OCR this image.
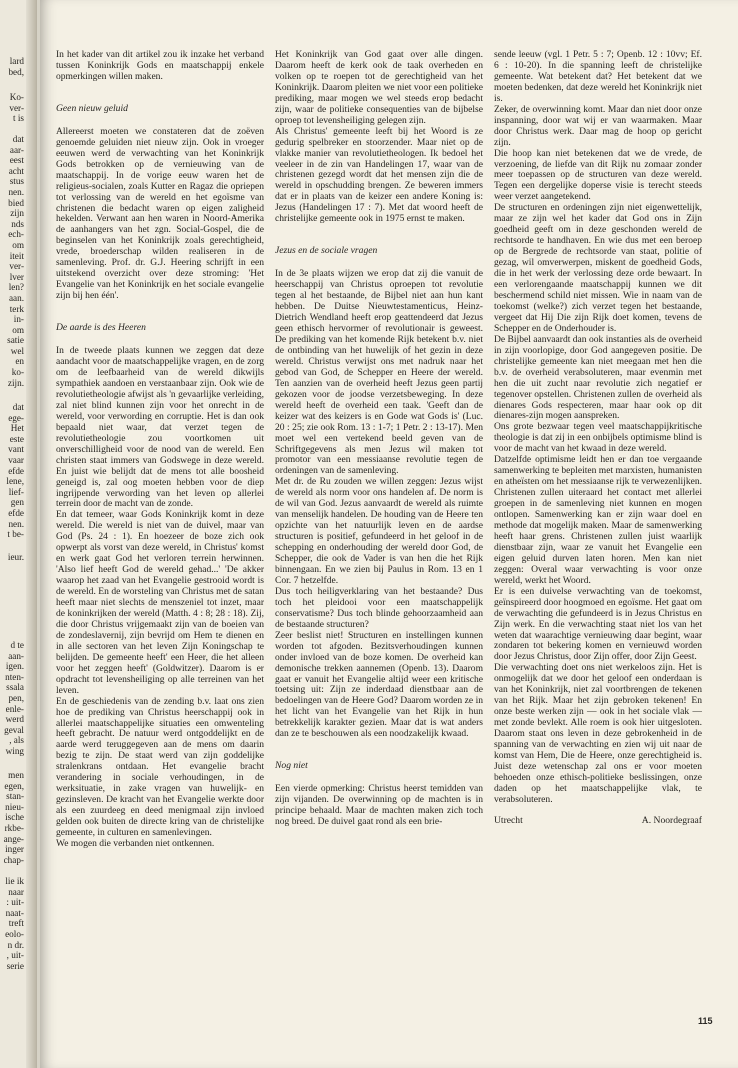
lard
bed,
Ko-
ver-
t is
dat
aar-
eest
acht
stus
nen.
bied
zijn
nds
ech-
om
iteit
ver-
lver
len?
aan.
terk
in-
om
satie
wel
en
ko-
zijn.
dat
ege-
Het
este
vant
vaar
efde
lene,
lief-
gen
efde
nen.
t be-
ieur.
d te
aan-
igen.
nten-
ssala
pen,
enle-
werd
geval
, als
wing
men
egen,
stan-
nieu-
ische
rkbe-
ange-
inger
chap-
lie ik
naar
: uit-
naat-
treft
eolo-
n dr.
, uit-
serie

In het kader van dit artikel zou ik inzake het verband tussen Koninkrijk Gods en maatschappij enkele opmerkingen willen maken.

Geen nieuw geluid

Allereerst moeten we constateren dat de zoëven genoemde geluiden niet nieuw zijn. Ook in vroeger eeuwen werd de verwachting van het Koninkrijk Gods betrokken op de vernieuwing van de maatschappij. In de vorige eeuw waren het de religieus-socialen, zoals Kutter en Ragaz die opriepen tot verlossing van de wereld en het egoïsme van christenen die bedacht waren op eigen zaligheid hekelden. Verwant aan hen waren in Noord-Amerika de aanhangers van het zgn. Social-Gospel, die de beginselen van het Koninkrijk zoals gerechtigheid, vrede, broederschap wilden realiseren in de samenleving. Prof. dr. G.J. Heering schrijft in een uitstekend overzicht over deze stroming: 'Het Evangelie van het Koninkrijk en het sociale evangelie zijn bij hen één'.

De aarde is des Heeren

In de tweede plaats kunnen we zeggen dat deze aandacht voor de maatschappelijke vragen, en de zorg om de leefbaarheid van de wereld dikwijls sympathiek aandoen en verstaanbaar zijn. Ook wie de revolutietheologie afwijst als 'n gevaarlijke verleiding, zal niet blind kunnen zijn voor het onrecht in de wereld, voor verwording en corruptie. Het is dan ook bepaald niet waar, dat verzet tegen de revolutietheologie zou voortkomen uit onverschilligheid voor de nood van de wereld. Een christen staat immers van Godswege in deze wereld. En juist wie belijdt dat de mens tot alle boosheid geneigd is, zal oog moeten hebben voor de diep ingrijpende verwording van het leven op allerlei terrein door de macht van de zonde.

En dat temeer, waar Gods Koninkrijk komt in deze wereld. Die wereld is niet van de duivel, maar van God (Ps. 24 : 1). En hoezeer de boze zich ook opwerpt als vorst van deze wereld, in Christus' komst en werk gaat God het verloren terrein herwinnen. 'Also lief heeft God de wereld gehad...' 'De akker waarop het zaad van het Evangelie gestrooid wordt is de wereld. En de worsteling van Christus met de satan heeft maar niet slechts de menszeniel tot inzet, maar de koninkrijken der wereld (Matth. 4 : 8; 28 : 18). Zij, die door Christus vrijgemaakt zijn van de boeien van de zondeslavernij, zijn bevrijd om Hem te dienen en in alle sectoren van het leven Zijn Koningschap te belijden. De gemeente heeft' een Heer, die het alleen voor het zeggen heeft' (Goldwitzer). Daarom is er opdracht tot levensheiliging op alle terreinen van het leven.

En de geschiedenis van de zending b.v. laat ons zien hoe de prediking van Christus heerschappij ook in allerlei maatschappelijke situaties een omwenteling heeft gebracht. De natuur werd ontgoddelijkt en de aarde werd teruggegeven aan de mens om daarin bezig te zijn. De staat werd van zijn goddelijke stralenkrans ontdaan. Het evangelie bracht verandering in sociale verhoudingen, in de werksituatie, in zake vragen van huwelijk- en gezinsleven. De kracht van het Evangelie werkte door als een zuurdeeg en deed menigmaal zijn invloed gelden ook buiten de directe kring van de christelijke gemeente, in culturen en samenlevingen.

We mogen die verbanden niet ontkennen.

Het Koninkrijk van God gaat over alle dingen. Daarom heeft de kerk ook de taak overheden en volken op te roepen tot de gerechtigheid van het Koninkrijk. Daarom pleiten we niet voor een politieke prediking, maar mogen we wel steeds erop bedacht zijn, waar de politieke consequenties van de bijbelse oproep tot levensheiliging gelegen zijn.

Als Christus' gemeente leeft bij het Woord is ze gedurig spelbreker en stoorzender. Maar niet op de vlakke manier van revolutietheologen. Ik bedoel het veeleer in de zin van Handelingen 17, waar van de christenen gezegd wordt dat het mensen zijn die de wereld in opschudding brengen. Ze beweren immers dat er in plaats van de keizer een andere Koning is: Jezus (Handelingen 17 : 7). Met dat woord heeft de christelijke gemeente ook in 1975 ernst te maken.

Jezus en de sociale vragen

In de 3e plaats wijzen we erop dat zij die vanuit de heerschappij van Christus oproepen tot revolutie tegen al het bestaande, de Bijbel niet aan hun kant hebben. De Duitse Nieuwtestamenticus, Heinz-Dietrich Wendland heeft erop geattendeerd dat Jezus geen ethisch hervormer of revolutionair is geweest. De prediking van het komende Rijk betekent b.v. niet de ontbinding van het huwelijk of het gezin in deze wereld. Christus verwijst ons met nadruk naar het gebod van God, de Schepper en Heere der wereld. Ten aanzien van de overheid heeft Jezus geen partij gekozen voor de joodse verzetsbeweging. In deze wereld heeft de overheid een taak. 'Geeft dan de keizer wat des keizers is en Gode wat Gods is' (Luc. 20 : 25; zie ook Rom. 13 : 1-7; 1 Petr. 2 : 13-17). Men moet wel een vertekend beeld geven van de Schriftgegevens als men Jezus wil maken tot promotor van een messiaanse revolutie tegen de ordeningen van de samenleving.

Met dr. de Ru zouden we willen zeggen: Jezus wijst de wereld als norm voor ons handelen af. De norm is de wil van God. Jezus aanvaardt de wereld als ruimte van menselijk handelen. De houding van de Heere ten opzichte van het natuurlijk leven en de aardse structuren is positief, gefundeerd in het geloof in de schepping en onderhouding der wereld door God, de Schepper, die ook de Vader is van hen die het Rijk binnengaan. En we zien bij Paulus in Rom. 13 en 1 Cor. 7 hetzelfde.

Dus toch heiligverklaring van het bestaande? Dus toch het pleidooi voor een maatschappelijk conservatisme? Dus toch blinde gehoorzaamheid aan de bestaande structuren?

Zeer beslist niet! Structuren en instellingen kunnen worden tot afgoden. Bezitsverhoudingen kunnen onder invloed van de boze komen. De overheid kan demonische trekken aannemen (Openb. 13). Daarom gaat er vanuit het Evangelie altijd weer een kritische toetsing uit: Zijn ze inderdaad dienstbaar aan de bedoelingen van de Heere God? Daarom worden ze in het licht van het Evangelie van het Rijk in hun betrekkelijk karakter gezien. Maar dat is wat anders dan ze te beschouwen als een noodzakelijk kwaad.

Nog niet

Een vierde opmerking: Christus heerst temidden van zijn vijanden. De overwinning op de machten is in principe behaald. Maar de machten maken zich toch nog breed. De duivel gaat rond als een brie-

sende leeuw (vgl. 1 Petr. 5 : 7; Openb. 12 : 10vv; Ef. 6 : 10-20). In die spanning leeft de christelijke gemeente. Wat betekent dat? Het betekent dat we moeten bedenken, dat deze wereld het Koninkrijk niet is.

Zeker, de overwinning komt. Maar dan niet door onze inspanning, door wat wij er van waarmaken. Maar door Christus werk. Daar mag de hoop op gericht zijn.

Die hoop kan niet betekenen dat we de vrede, de verzoening, de liefde van dit Rijk nu zomaar zonder meer toepassen op de structuren van deze wereld. Tegen een dergelijke doperse visie is terecht steeds weer verzet aangetekend.

De structuren en ordeningen zijn niet eigenwettelijk, maar ze zijn wel het kader dat God ons in Zijn goedheid geeft om in deze geschonden wereld de rechtsorde te handhaven. En wie dus met een beroep op de Bergrede de rechtsorde van staat, politie of gezag, wil omverwerpen, miskent de goedheid Gods, die in het werk der verlossing deze orde bewaart. In een verlorengaande maatschappij kunnen we dit beschermend schild niet missen. Wie in naam van de toekomst (welke?) zich verzet tegen het bestaande, vergeet dat Hij Die zijn Rijk doet komen, tevens de Schepper en de Onderhouder is.

De Bijbel aanvaardt dan ook instanties als de overheid in zijn voorlopige, door God aangegeven positie. De christelijke gemeente kan niet meegaan met hen die b.v. de overheid verabsoluteren, maar evenmin met hen die uit zucht naar revolutie zich negatief er tegenover opstellen. Christenen zullen de overheid als dienares Gods respecteren, maar haar ook op dit dienares-zijn mogen aanspreken.

Ons grote bezwaar tegen veel maatschappijkritische theologie is dat zij in een onbijbels optimisme blind is voor de macht van het kwaad in deze wereld.

Datzelfde optimisme leidt hen er dan toe vergaande samenwerking te bepleiten met marxisten, humanisten en atheïsten om het messiaanse rijk te verwezenlijken. Christenen zullen uiteraard het contact met allerlei groepen in de samenleving niet kunnen en mogen ontlopen. Samenwerking kan er zijn waar doel en methode dat mogelijk maken. Maar de samenwerking heeft haar grens. Christenen zullen juist waarlijk dienstbaar zijn, waar ze vanuit het Evangelie een eigen geluid durven laten horen. Men kan niet zeggen: Overal waar verwachting is voor onze wereld, werkt het Woord.

Er is een duivelse verwachting van de toekomst, geïnspireerd door hoogmoed en egoïsme. Het gaat om de verwachting die gefundeerd is in Jezus Christus en Zijn werk. En die verwachting staat niet los van het weten dat waarachtige vernieuwing daar begint, waar zondaren tot bekering komen en vernieuwd worden door Jezus Christus, door Zijn offer, door Zijn Geest.

Die verwachting doet ons niet werkeloos zijn. Het is onmogelijk dat we door het geloof een onderdaan is van het Koninkrijk, niet zal voortbrengen de tekenen van het Rijk. Maar het zijn gebroken tekenen! En onze beste werken zijn — ook in het sociale vlak — met zonde bevlekt. Alle roem is ook hier uitgesloten. Daarom staat ons leven in deze gebrokenheid in de spanning van de verwachting en zien wij uit naar de komst van Hem, Die de Heere, onze gerechtigheid is. Juist deze wetenschap zal ons er voor moeten behoeden onze ethisch-politieke beslissingen, onze daden op het maatschappelijke vlak, te verabsoluteren.

Utrecht	A. Noordegraaf
115
